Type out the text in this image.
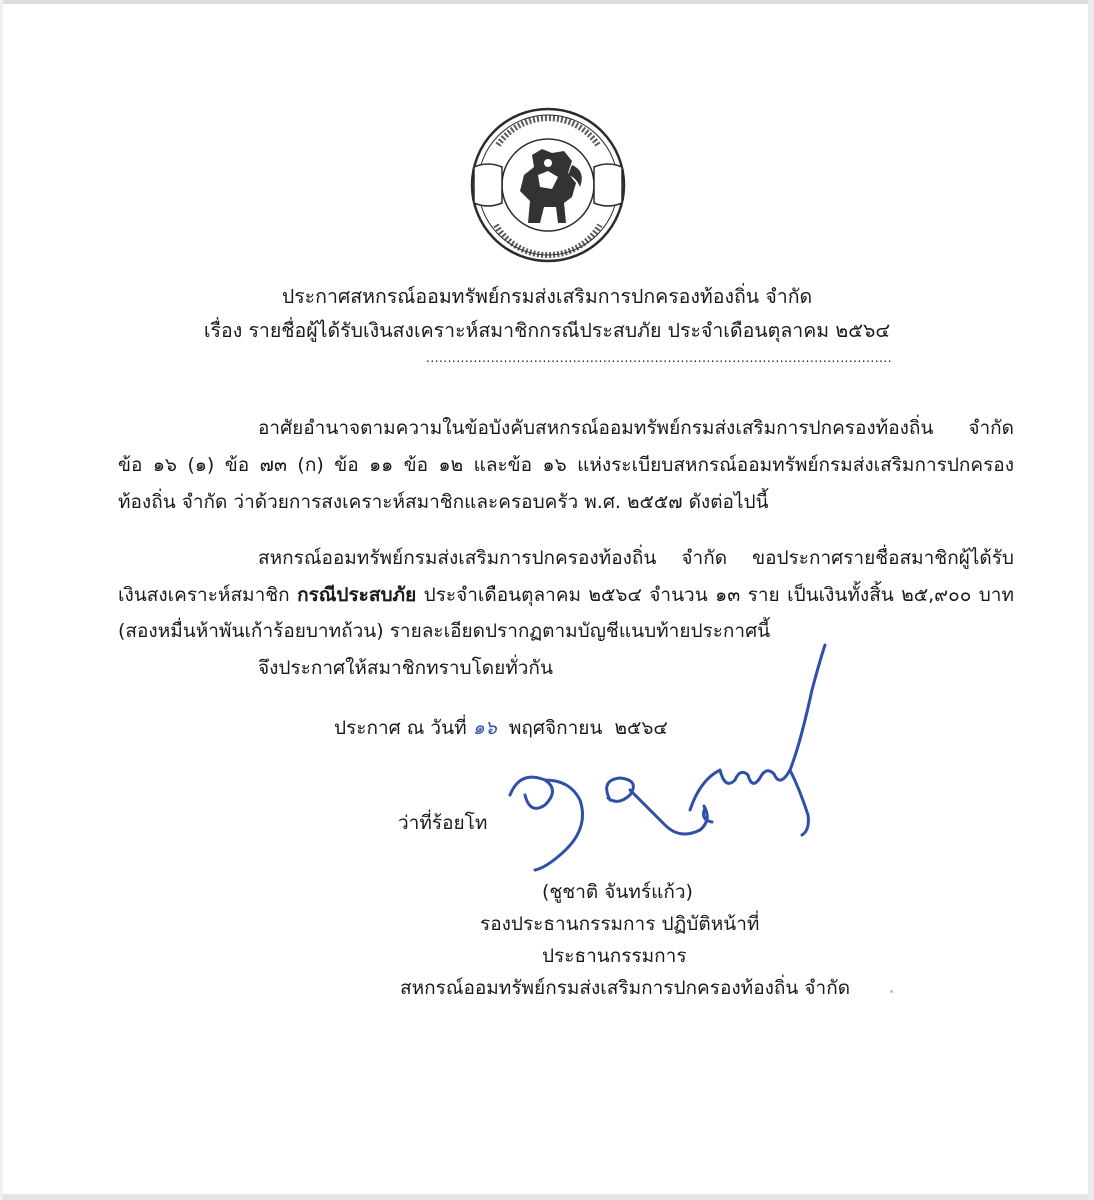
ประกาศสหกรณ์ออมทรัพย์กรมส่งเสริมการปกครองท้องถิ่น จำกัด
เรื่อง รายชื่อผู้ได้รับเงินสงเคราะห์สมาชิกกรณีประสบภัย ประจำเดือนตุลาคม ๒๕๖๔
............................................................................................................
อาศัยอำนาจตามความในข้อบังคับสหกรณ์ออมทรัพย์กรมส่งเสริมการปกครองท้องถิ่น จำกัด
ข้อ ๑๖ (๑) ข้อ ๗๓ (ก) ข้อ ๑๑ ข้อ ๑๒ และข้อ ๑๖ แห่งระเบียบสหกรณ์ออมทรัพย์กรมส่งเสริมการปกครอง
ท้องถิ่น จำกัด ว่าด้วยการสงเคราะห์สมาชิกและครอบครัว พ.ศ. ๒๕๕๗ ดังต่อไปนี้
สหกรณ์ออมทรัพย์กรมส่งเสริมการปกครองท้องถิ่น จำกัด ขอประกาศรายชื่อสมาชิกผู้ได้รับ
เงินสงเคราะห์สมาชิก กรณีประสบภัย ประจำเดือนตุลาคม ๒๕๖๔ จำนวน ๑๓ ราย เป็นเงินทั้งสิ้น ๒๕,๙๐๐ บาท
(สองหมื่นห้าพันเก้าร้อยบาทถ้วน) รายละเอียดปรากฏตามบัญชีแนบท้ายประกาศนี้
จึงประกาศให้สมาชิกทราบโดยทั่วกัน
ประกาศ ณ วันที่ ๑๖ พฤศจิกายน ๒๕๖๔
ว่าที่ร้อยโท
(ชูชาติ จันทร์แก้ว)
รองประธานกรรมการ ปฏิบัติหน้าที่
ประธานกรรมการ
สหกรณ์ออมทรัพย์กรมส่งเสริมการปกครองท้องถิ่น จำกัด
